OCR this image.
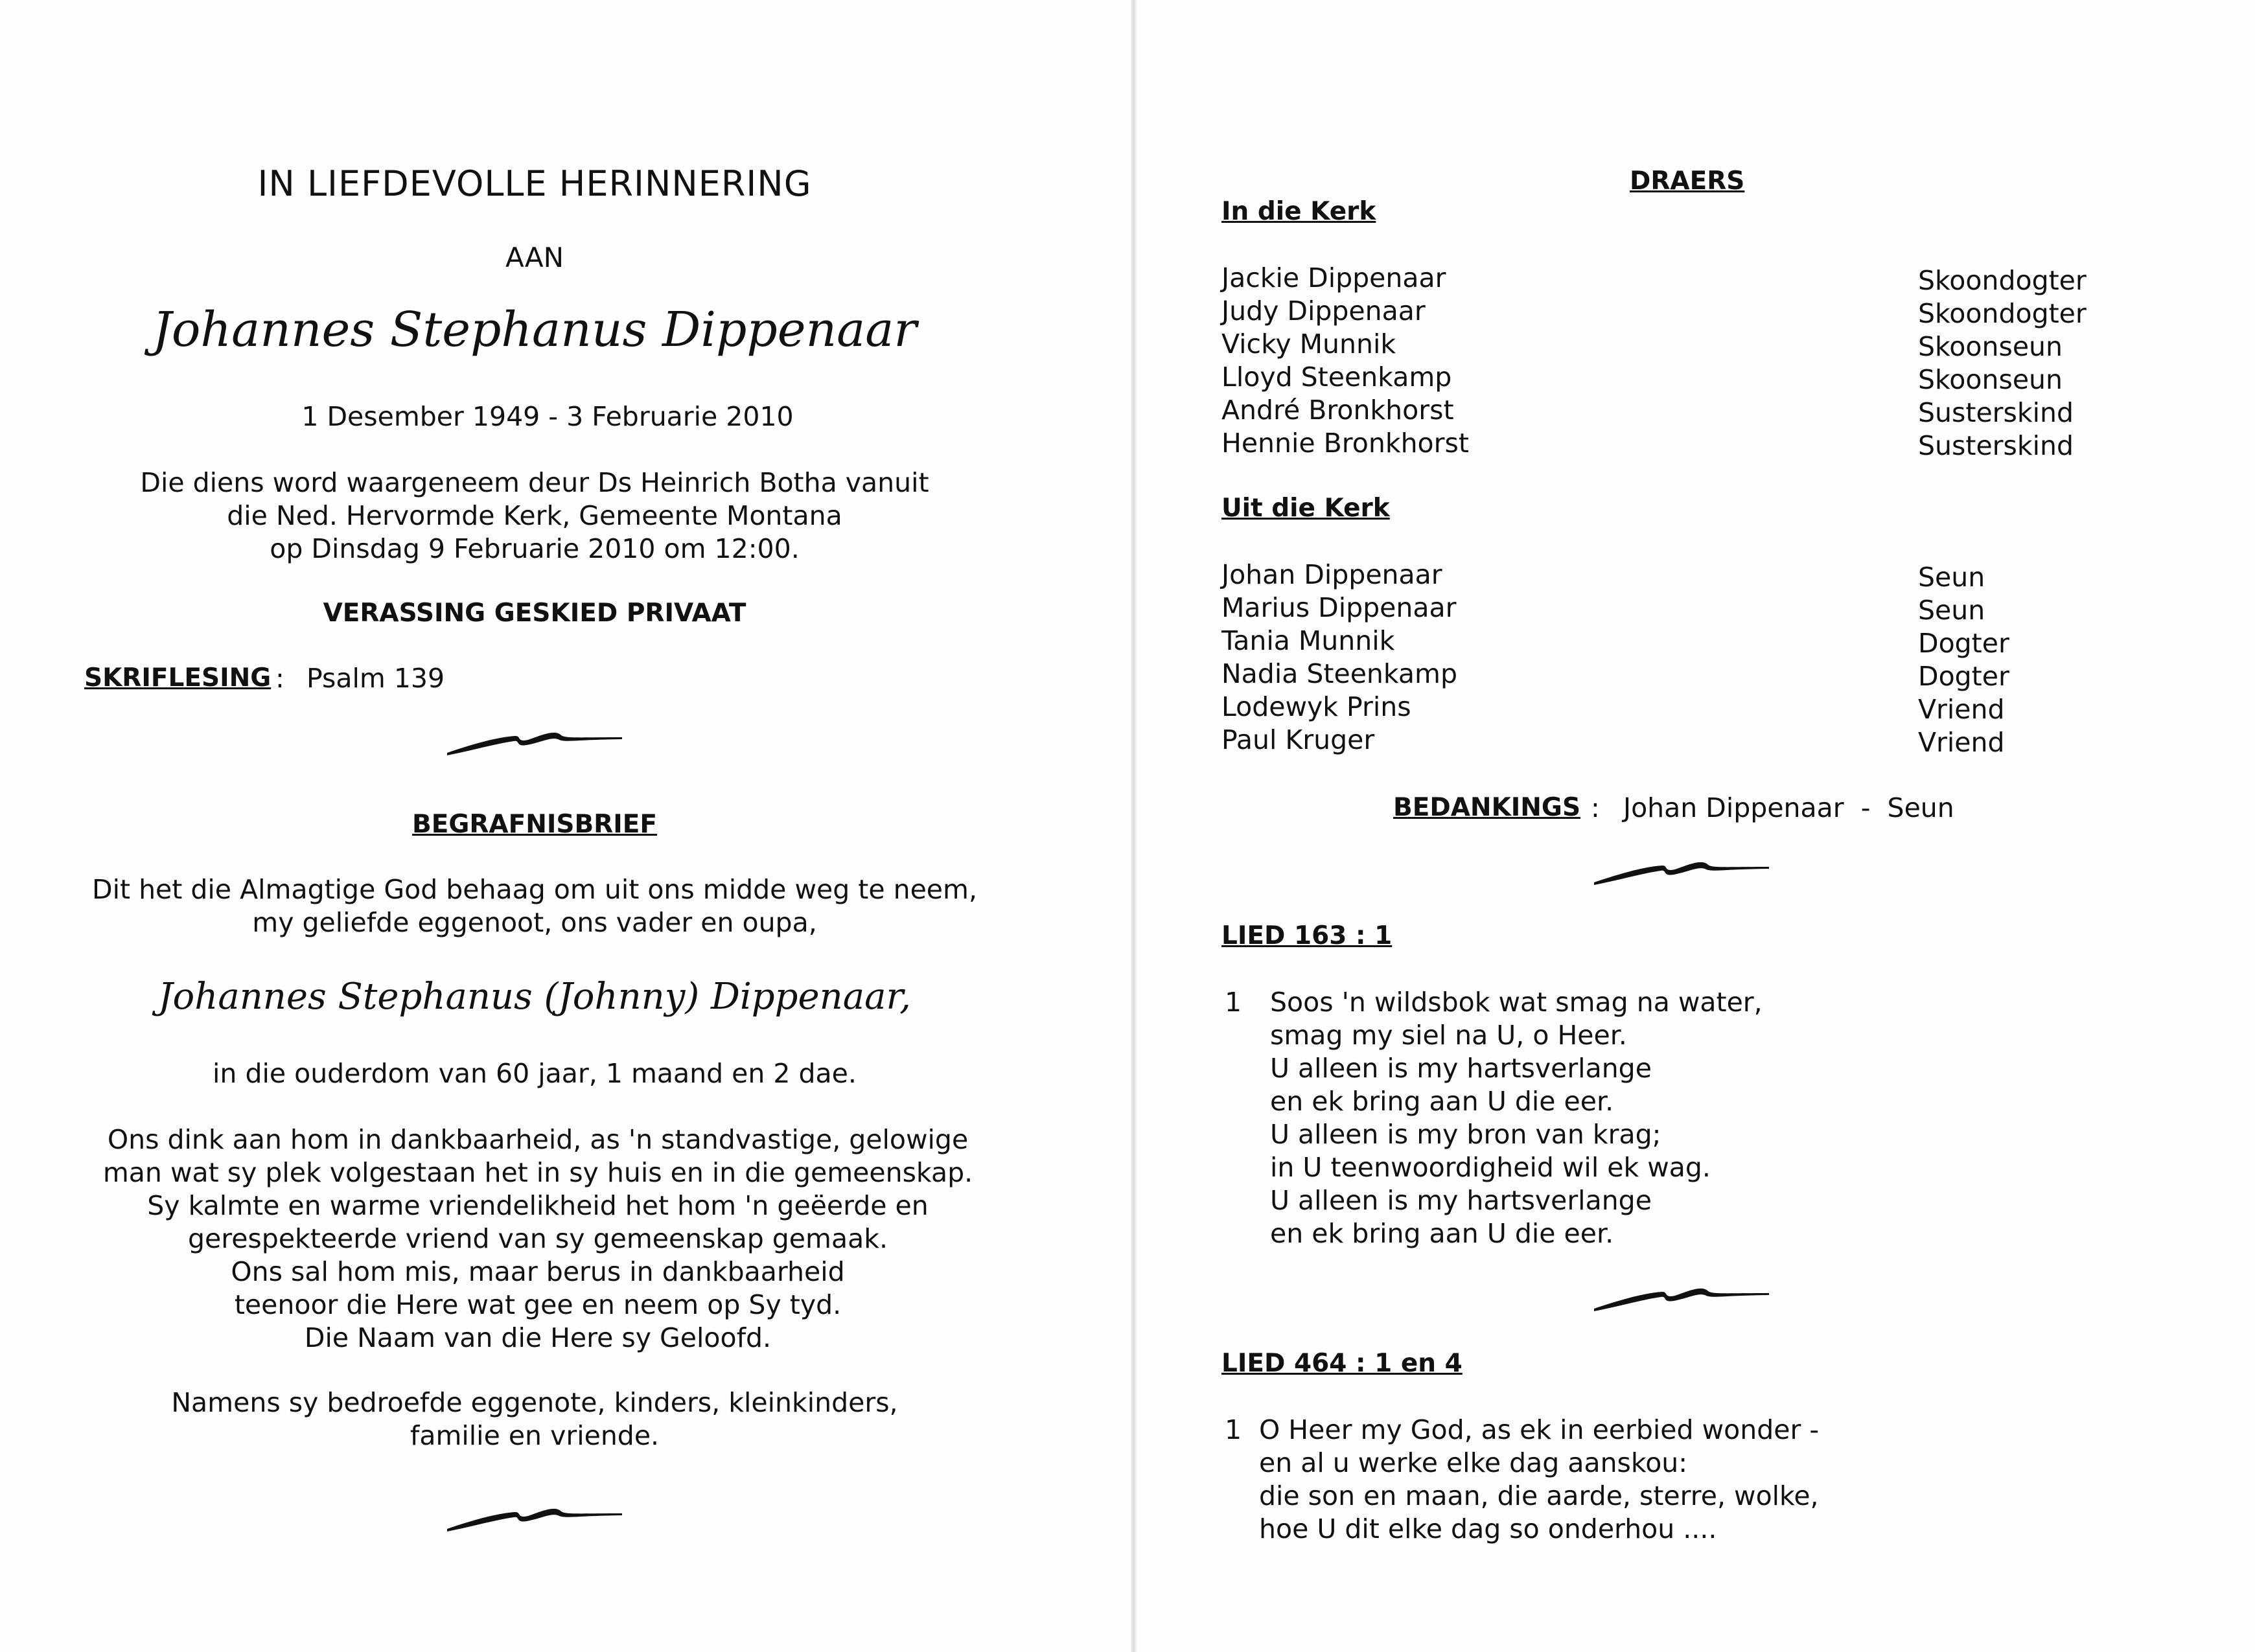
IN LIEFDEVOLLE HERINNERING
AAN
Johannes Stephanus Dippenaar
1 Desember 1949 - 3 Februarie 2010
Die diens word waargeneem deur Ds Heinrich Botha vanuit
die Ned. Hervormde Kerk, Gemeente Montana
op Dinsdag 9 Februarie 2010 om 12:00.
VERASSING GESKIED PRIVAAT
SKRIFLESING : Psalm 139
BEGRAFNISBRIEF
Dit het die Almagtige God behaag om uit ons midde weg te neem,
my geliefde eggenoot, ons vader en oupa,
Johannes Stephanus (Johnny) Dippenaar,
in die ouderdom van 60 jaar, 1 maand en 2 dae.
Ons dink aan hom in dankbaarheid, as 'n standvastige, gelowige
man wat sy plek volgestaan het in sy huis en in die gemeenskap.
Sy kalmte en warme vriendelikheid het hom 'n geëerde en
gerespekteerde vriend van sy gemeenskap gemaak.
Ons sal hom mis, maar berus in dankbaarheid
teenoor die Here wat gee en neem op Sy tyd.
Die Naam van die Here sy Geloofd.
Namens sy bedroefde eggenote, kinders, kleinkinders,
familie en vriende.
DRAERS
In die Kerk
Jackie Dippenaar	Skoondogter
Judy Dippenaar	Skoondogter
Vicky Munnik	Skoonseun
Lloyd Steenkamp	Skoonseun
André Bronkhorst	Susterskind
Hennie Bronkhorst	Susterskind
Uit die Kerk
Johan Dippenaar	Seun
Marius Dippenaar	Seun
Tania Munnik	Dogter
Nadia Steenkamp	Dogter
Lodewyk Prins	Vriend
Paul Kruger	Vriend
BEDANKINGS : Johan Dippenaar  -  Seun
LIED 163 : 1
1 Soos 'n wildsbok wat smag na water,
smag my siel na U, o Heer.
U alleen is my hartsverlange
en ek bring aan U die eer.
U alleen is my bron van krag;
in U teenwoordigheid wil ek wag.
U alleen is my hartsverlange
en ek bring aan U die eer.
LIED 464 : 1 en 4
1 O Heer my God, as ek in eerbied wonder -
en al u werke elke dag aanskou:
die son en maan, die aarde, sterre, wolke,
hoe U dit elke dag so onderhou ....
